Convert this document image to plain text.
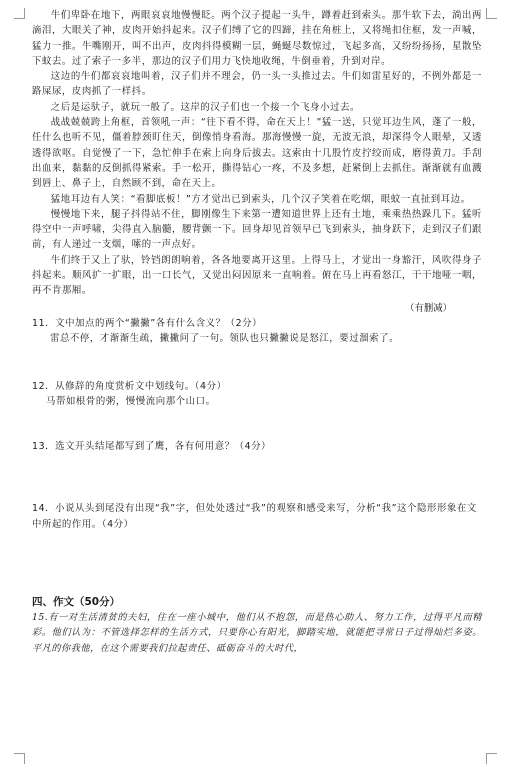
牛们卑卧在地下，两眼哀哀地慢慢眨。两个汉子提起一头牛，蹲着赶到索头。那牛软下去，淌出两滴泪，大眼关了神，皮肉开始抖起来。汉子们缚了它的四蹄，挂在角桩上，又将绳扣住框，发一声喊，猛力一推。牛嘴刚开，叫不出声，皮肉抖得模糊一层，蝇蜒尽数惊过，飞起多高，又纷纷扬扬，星散坠下蚊去。过了索子一多半，那边的汉子们用力飞快地收绳，牛倒垂着，升到对岸。

这边的牛们都哀哀地叫着，汉子们并不理会，仍一头一头推过去。牛们如雷星好的，不例外都是一路屎尿，皮肉抓了一样抖。

之后是运驮子，就玩一般了。这岸的汉子们也一个接一个飞身小过去。

战战兢兢跨上角框，首领吼一声：“往下看不得，命在天上！”猛一送，只觉耳边生风，蓬了一般，任什么也听不见，僵着脖颈盯住天，倒像悄身看海。那海慢慢一旋，无波无浪，却深得令人眼晕，又透透得欲呕。自觉慢了一下，急忙伸手在索上向身后拔去。这索由十几股竹皮拧绞而成，磨得黄刀。手刮出血来，黏黏的反倒抓得紧索。手一松开，撕得钻心一疼，不及多想，赶紧倒上去抓住。渐渐就有血溅到唇上、鼻子上，自然顾不到，命在天上。

猛地耳边有人笑：“看脚底板！”方才觉出已到索头，几个汉子笑着在吃烟，眼蚊一直扯到耳边。

慢慢地下来，腿子抖得站不住，脚刚像生下来第一遭知道世界上还有土地，乘乘热热跺几下。猛听得空中一声呼啸，尖得直入脑髓，腰背颤一下。回身却见首领早已飞到索头，抽身跃下，走到汉子们跟前，有人递过一支烟，嗦的一声点好。

牛们终于又上了驮，铃铛朗朗响着，各各地要离开这里。上得马上，才觉出一身豁汗，风吹得身子抖起来。顺风扩一扩眼，出一口长气，又觉出闷因原来一直响着。俯在马上再看怒江，干干地哑一咽，再不肯那厢。

（有删减）

11．文中加点的两个“撇撇”各有什么含义？（2分）

雷总不停，才渐渐生疏，撇撇问了一句。领队也只撇撇说是怒江，要过溜索了。

12．从修辞的角度赏析文中划线句。（4分）

马帮如根骨的粥，慢慢流向那个山口。

13．选文开头结尾都写到了鹰，各有何用意？（4分）

14．小说从头到尾没有出现“我”字，但处处透过“我”的观察和感受来写，分析“我”这个隐形形象在文中所起的作用。（4分）

四、作文（50分）

15.有一对生活清贫的夫妇，住在一座小城中，他们从不抱怨，而是热心助人、努力工作，过得平凡而精彩。他们认为：不管选择怎样的生活方式，只要你心有阳光，脚踏实地，就能把寻常日子过得灿烂多姿。平凡的你我他，在这个需要我们拉起责任、砥砺奋斗的大时代，
